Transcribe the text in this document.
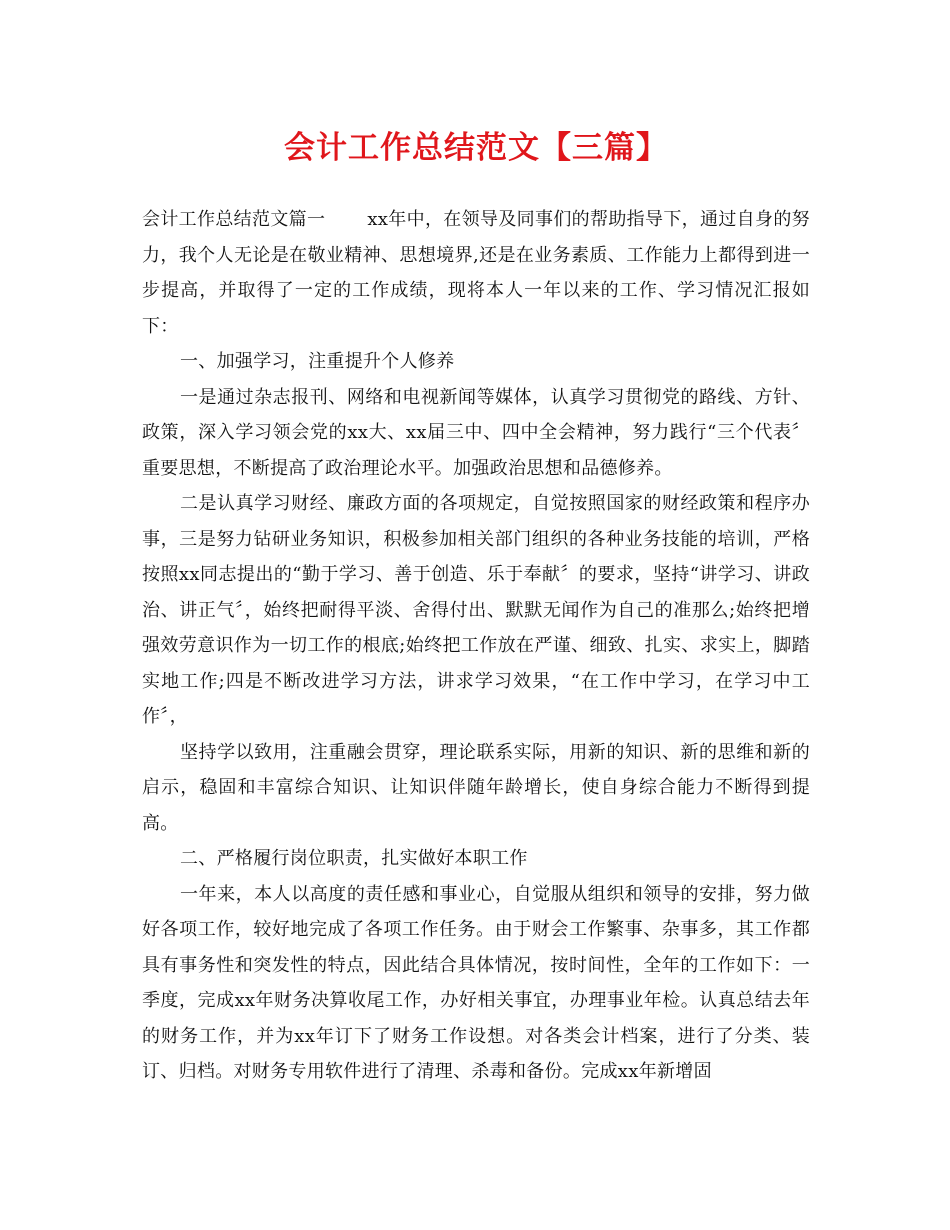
会计工作总结范文【三篇】

会计工作总结范文篇一 xx年中，在领导及同事们的帮助指导下，通过自身的努力，我个人无论是在敬业精神、思想境界,还是在业务素质、工作能力上都得到进一步提高，并取得了一定的工作成绩，现将本人一年以来的工作、学习情况汇报如下：

一、加强学习，注重提升个人修养

一是通过杂志报刊、网络和电视新闻等媒体，认真学习贯彻党的路线、方针、政策，深入学习领会党的xx大、xx届三中、四中全会精神，努力践行“三个代表〞重要思想，不断提高了政治理论水平。加强政治思想和品德修养。

二是认真学习财经、廉政方面的各项规定，自觉按照国家的财经政策和程序办事，三是努力钻研业务知识，积极参加相关部门组织的各种业务技能的培训，严格按照xx同志提出的“勤于学习、善于创造、乐于奉献〞的要求，坚持“讲学习、讲政治、讲正气〞，始终把耐得平淡、舍得付出、默默无闻作为自己的准那么;始终把增强效劳意识作为一切工作的根底;始终把工作放在严谨、细致、扎实、求实上，脚踏实地工作;四是不断改进学习方法，讲求学习效果，“在工作中学习，在学习中工作〞，

坚持学以致用，注重融会贯穿，理论联系实际，用新的知识、新的思维和新的启示，稳固和丰富综合知识、让知识伴随年龄增长，使自身综合能力不断得到提高。

二、严格履行岗位职责，扎实做好本职工作

一年来，本人以高度的责任感和事业心，自觉服从组织和领导的安排，努力做好各项工作，较好地完成了各项工作任务。由于财会工作繁事、杂事多，其工作都具有事务性和突发性的特点，因此结合具体情况，按时间性，全年的工作如下：一季度，完成xx年财务决算收尾工作，办好相关事宜，办理事业年检。认真总结去年的财务工作，并为xx年订下了财务工作设想。对各类会计档案，进行了分类、装订、归档。对财务专用软件进行了清理、杀毒和备份。完成xx年新增固
